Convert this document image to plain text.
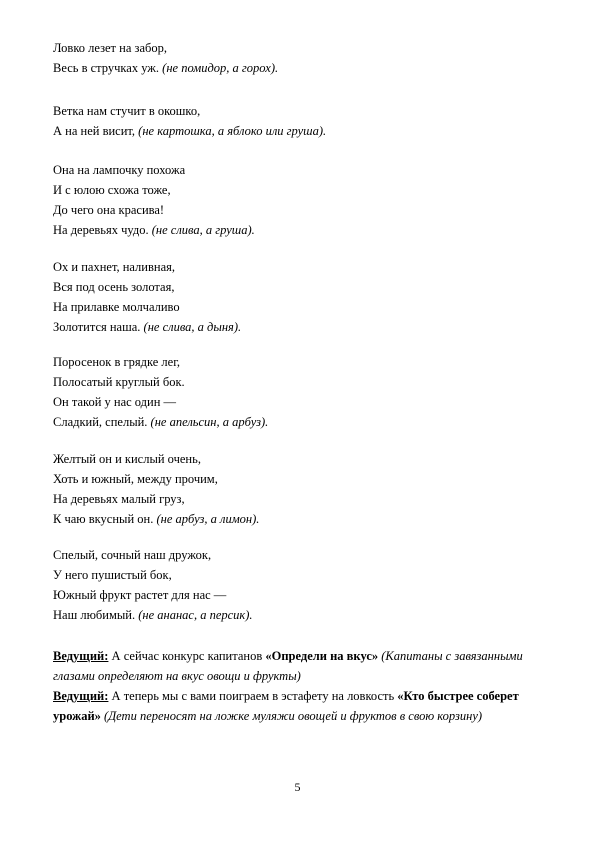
Ловко лезет на забор,
Весь в стручках уж. (не помидор, а горох).
Ветка нам стучит в окошко,
А на ней висит, (не картошка, а яблоко или груша).
Она на лампочку похожа
И с юлою схожа тоже,
До чего она красива!
На деревьях чудо. (не слива, а груша).
Ох и пахнет, наливная,
Вся под осень золотая,
На прилавке молчаливо
Золотится наша. (не слива, а дыня).
Поросенок в грядке лег,
Полосатый круглый бок.
Он такой у нас один —
Сладкий, спелый. (не апельсин, а арбуз).
Желтый он и кислый очень,
Хоть и южный, между прочим,
На деревьях малый груз,
К чаю вкусный он. (не арбуз, а лимон).
Спелый, сочный наш дружок,
У него пушистый бок,
Южный фрукт растет для нас —
Наш любимый. (не ананас, а персик).
Ведущий: А сейчас конкурс капитанов «Определи на вкус» (Капитаны с завязанными глазами определяют на вкус овощи и фрукты)
Ведущий: А теперь мы с вами поиграем в эстафету на ловкость «Кто быстрее соберет урожай» (Дети переносят на ложке муляжи овощей и фруктов в свою корзину)
5
